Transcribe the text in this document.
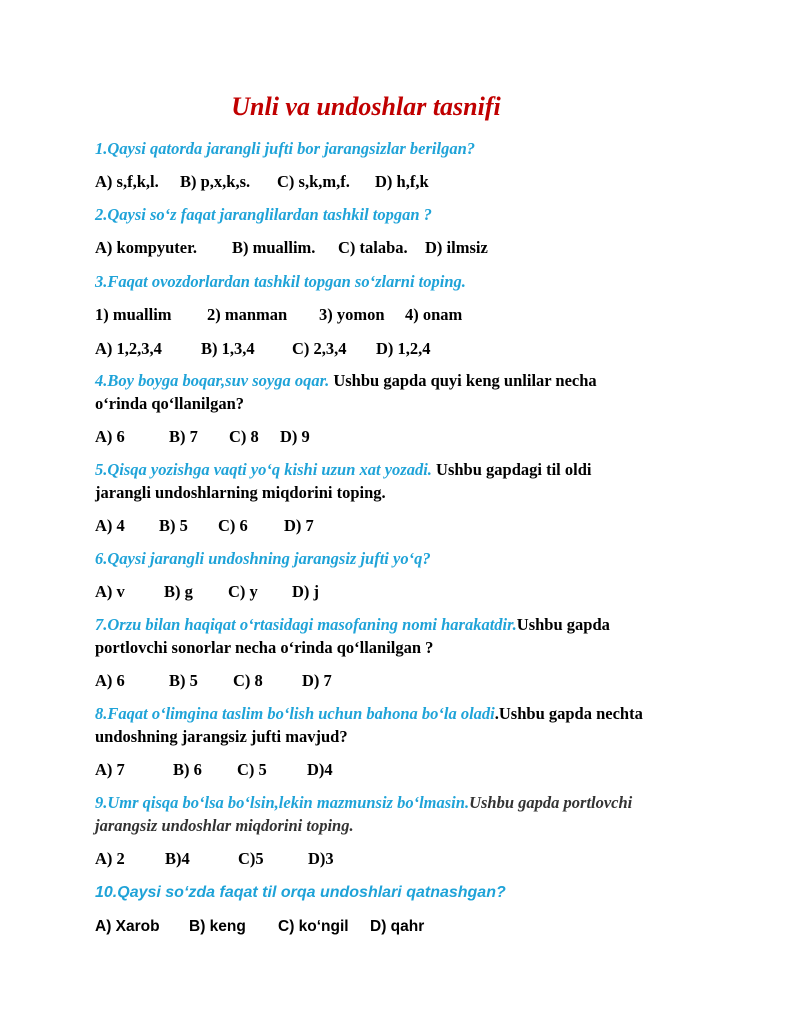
Unli va undoshlar tasnifi
1.Qaysi qatorda jarangli jufti bor jarangsizlar berilgan?
A) s,f,k,l. B) p,x,k,s. C) s,k,m,f. D) h,f,k
2.Qaysi so‘z faqat jaranglilardan tashkil topgan ?
A) kompyuter. B) muallim. C) talaba. D) ilmsiz
3.Faqat ovozdorlardan tashkil topgan so‘zlarni toping.
1) muallim 2) manman 3) yomon 4) onam
A) 1,2,3,4 B) 1,3,4 C) 2,3,4 D) 1,2,4
4.Boy boyga boqar,suv soyga oqar. Ushbu gapda quyi keng unlilar necha
o‘rinda qo‘llanilgan?
A) 6	B) 7 C) 8 D) 9
5.Qisqa yozishga vaqti yo‘q kishi uzun xat yozadi. Ushbu gapdagi til oldi
jarangli undoshlarning miqdorini toping.
A) 4 B) 5 C) 6 D) 7
6.Qaysi jarangli undoshning jarangsiz jufti yo‘q?
A) v B) g C) y D) j
7.Orzu bilan haqiqat o‘rtasidagi masofaning nomi harakatdir.Ushbu gapda
portlovchi sonorlar necha o‘rinda qo‘llanilgan ?
A) 6	B) 5 C) 8 D) 7
8.Faqat o‘limgina taslim bo‘lish uchun bahona bo‘la oladi.Ushbu gapda nechta
undoshning jarangsiz jufti mavjud?
A) 7	B) 6 C) 5 D)4
9.Umr qisqa bo‘lsa bo‘lsin,lekin mazmunsiz bo‘lmasin.Ushbu gapda portlovchi
jarangsiz undoshlar miqdorini toping.
A) 2 B)4	C)5	D)3
10.Qaysi so‘zda faqat til orqa undoshlari qatnashgan?
A) Xarob B) keng C) ko‘ngil D) qahr
